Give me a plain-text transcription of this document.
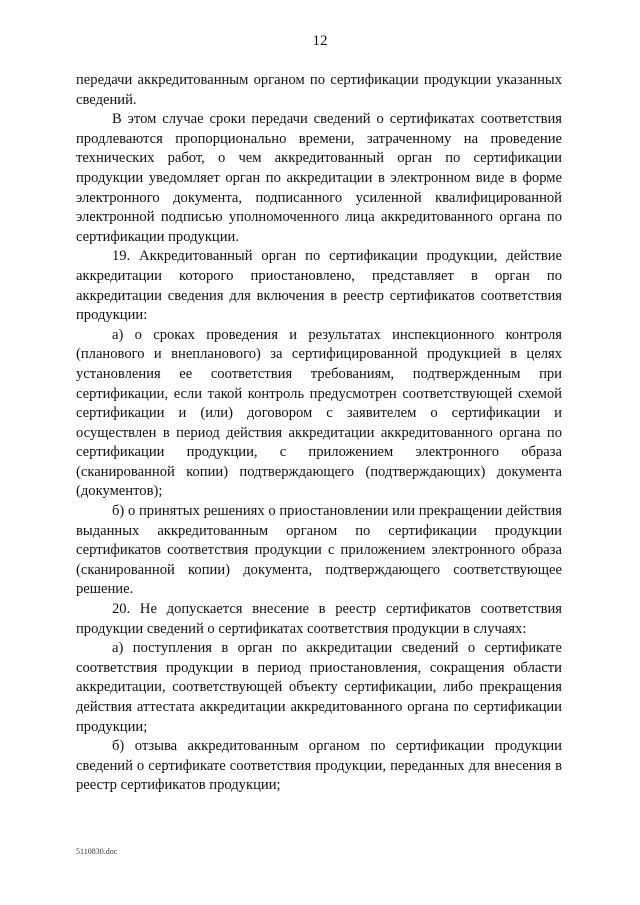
12

передачи аккредитованным органом по сертификации продукции указанных сведений.

В этом случае сроки передачи сведений о сертификатах соответствия продлеваются пропорционально времени, затраченному на проведение технических работ, о чем аккредитованный орган по сертификации продукции уведомляет орган по аккредитации в электронном виде в форме электронного документа, подписанного усиленной квалифицированной электронной подписью уполномоченного лица аккредитованного органа по сертификации продукции.

19. Аккредитованный орган по сертификации продукции, действие аккредитации которого приостановлено, представляет в орган по аккредитации сведения для включения в реестр сертификатов соответствия продукции:

а) о сроках проведения и результатах инспекционного контроля (планового и внепланового) за сертифицированной продукцией в целях установления ее соответствия требованиям, подтвержденным при сертификации, если такой контроль предусмотрен соответствующей схемой сертификации и (или) договором с заявителем о сертификации и осуществлен в период действия аккредитации аккредитованного органа по сертификации продукции, с приложением электронного образа (сканированной копии) подтверждающего (подтверждающих) документа (документов);

б) о принятых решениях о приостановлении или прекращении действия выданных аккредитованным органом по сертификации продукции сертификатов соответствия продукции с приложением электронного образа (сканированной копии) документа, подтверждающего соответствующее решение.

20. Не допускается внесение в реестр сертификатов соответствия продукции сведений о сертификатах соответствия продукции в случаях:

а) поступления в орган по аккредитации сведений о сертификате соответствия продукции в период приостановления, сокращения области аккредитации, соответствующей объекту сертификации, либо прекращения действия аттестата аккредитации аккредитованного органа по сертификации продукции;

б) отзыва аккредитованным органом по сертификации продукции сведений о сертификате соответствия продукции, переданных для внесения в реестр сертификатов продукции;

5110830.doc
